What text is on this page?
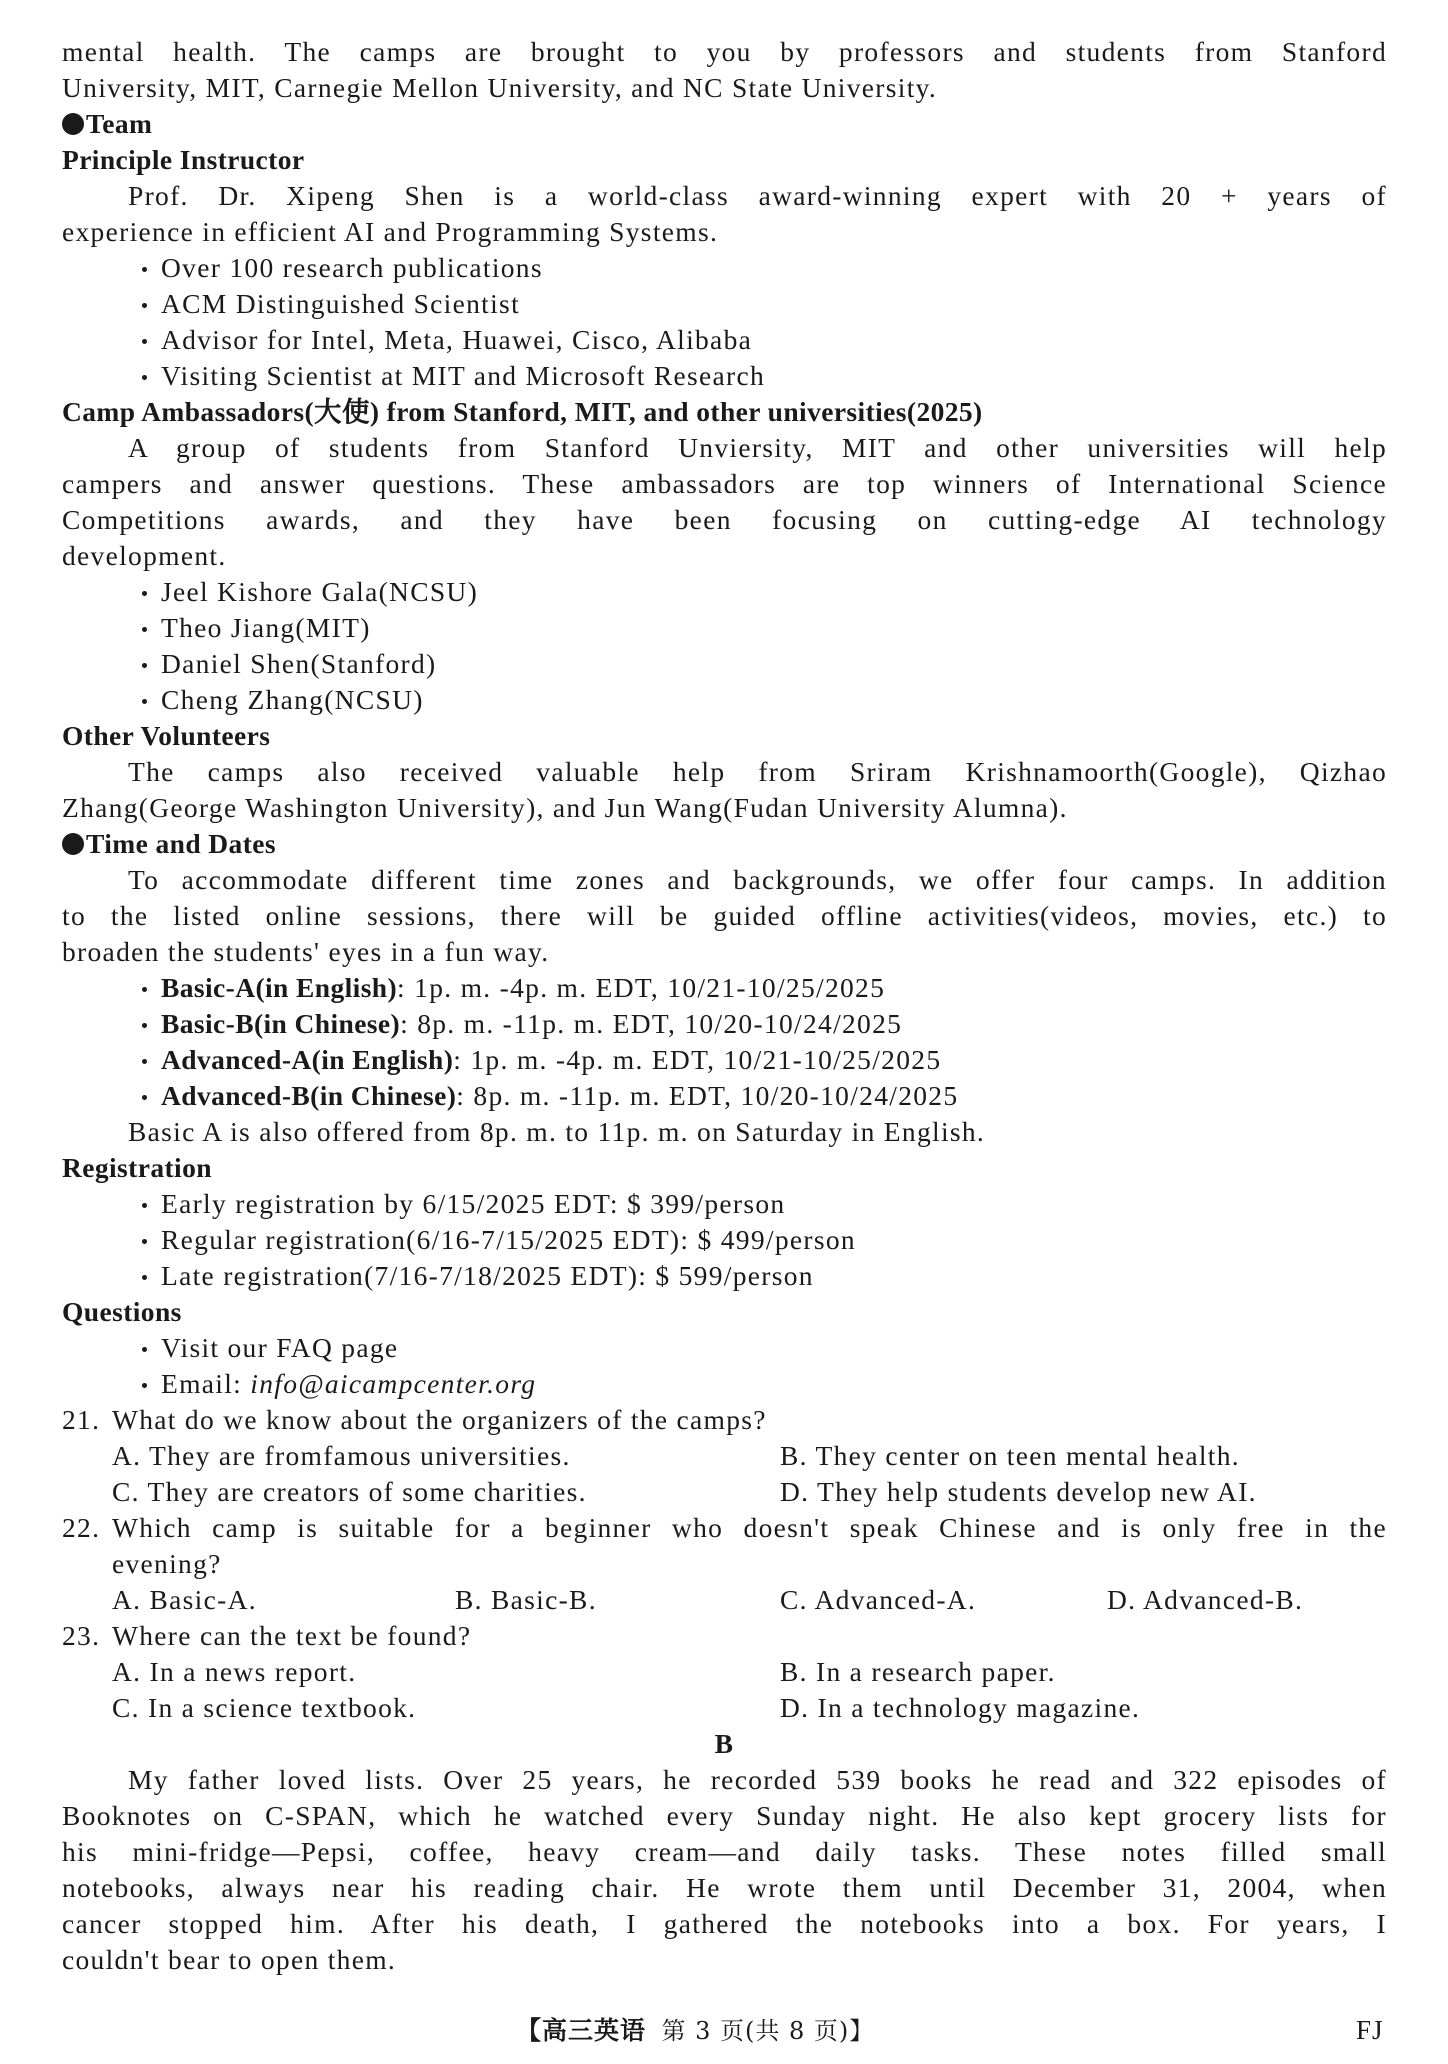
mental health. The camps are brought to you by professors and students from Stanford
University, MIT, Carnegie Mellon University, and NC State University.
Team
Principle Instructor
Prof. Dr. Xipeng Shen is a world-class award-winning expert with 20 + years of
experience in efficient AI and Programming Systems.
Over 100 research publications
ACM Distinguished Scientist
Advisor for Intel, Meta, Huawei, Cisco, Alibaba
Visiting Scientist at MIT and Microsoft Research
Camp Ambassadors(大使) from Stanford, MIT, and other universities(2025)
A group of students from Stanford Unviersity, MIT and other universities will help
campers and answer questions. These ambassadors are top winners of International Science
Competitions awards, and they have been focusing on cutting-edge AI technology
development.
Jeel Kishore Gala(NCSU)
Theo Jiang(MIT)
Daniel Shen(Stanford)
Cheng Zhang(NCSU)
Other Volunteers
The camps also received valuable help from Sriram Krishnamoorth(Google), Qizhao
Zhang(George Washington University), and Jun Wang(Fudan University Alumna).
Time and Dates
To accommodate different time zones and backgrounds, we offer four camps. In addition
to the listed online sessions, there will be guided offline activities(videos, movies, etc.) to
broaden the students' eyes in a fun way.
Basic-A(in English): 1p. m. -4p. m. EDT, 10/21-10/25/2025
Basic-B(in Chinese): 8p. m. -11p. m. EDT, 10/20-10/24/2025
Advanced-A(in English): 1p. m. -4p. m. EDT, 10/21-10/25/2025
Advanced-B(in Chinese): 8p. m. -11p. m. EDT, 10/20-10/24/2025
Basic A is also offered from 8p. m. to 11p. m. on Saturday in English.
Registration
Early registration by 6/15/2025 EDT: $ 399/person
Regular registration(6/16-7/15/2025 EDT): $ 499/person
Late registration(7/16-7/18/2025 EDT): $ 599/person
Questions
Visit our FAQ page
Email: info@aicampcenter.org
21. What do we know about the organizers of the camps?
A. They are fromfamous universities.	B. They center on teen mental health.
C. They are creators of some charities.	D. They help students develop new AI.
22. Which camp is suitable for a beginner who doesn't speak Chinese and is only free in the
evening?
A. Basic-A.	B. Basic-B.	C. Advanced-A.	D. Advanced-B.
23. Where can the text be found?
A. In a news report.	B. In a research paper.
C. In a science textbook.	D. In a technology magazine.
B
My father loved lists. Over 25 years, he recorded 539 books he read and 322 episodes of
Booknotes on C-SPAN, which he watched every Sunday night. He also kept grocery lists for
his mini-fridge—Pepsi, coffee, heavy cream—and daily tasks. These notes filled small
notebooks, always near his reading chair. He wrote them until December 31, 2004, when
cancer stopped him. After his death, I gathered the notebooks into a box. For years, I
couldn't bear to open them.
【高三英语 第 3 页(共 8 页)】	FJ
